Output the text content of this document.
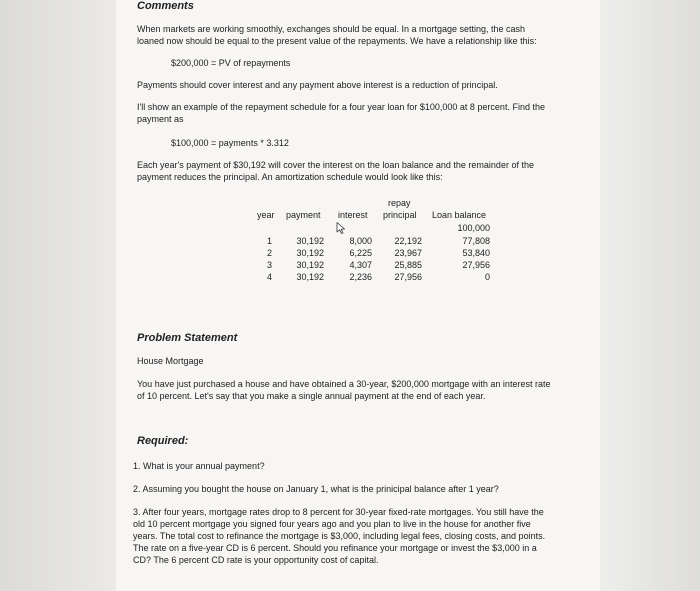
Comments
When markets are working smoothly, exchanges should be equal. In a mortgage setting, the cash
loaned now should be equal to the present value of the repayments. We have a relationship like this:
$200,000 = PV of repayments
Payments should cover interest and any payment above interest is a reduction of principal.
I'll show an example of the repayment schedule for a four year loan for $100,000 at 8 percent. Find the
payment as
$100,000 = payments * 3.312
Each year's payment of $30,192 will cover the interest on the loan balance and the remainder of the
payment reduces the principal. An amortization schedule would look like this:
repay
year payment interest principal Loan balance
100,000
1
2
3
4
30,192
30,192
30,192
30,192
8,000
6,225
4,307
2,236
22,192
23,967
25,885
27,956
77,808
53,840
27,956
0
Problem Statement
House Mortgage
You have just purchased a house and have obtained a 30-year, $200,000 mortgage with an interest rate
of 10 percent. Let's say that you make a single annual payment at the end of each year.
Required:
1. What is your annual payment?
2. Assuming you bought the house on January 1, what is the prinicipal balance after 1 year?
3. After four years, mortgage rates drop to 8 percent for 30-year fixed-rate mortgages. You still have the
old 10 percent mortgage you signed four years ago and you plan to live in the house for another five
years. The total cost to refinance the mortgage is $3,000, including legal fees, closing costs, and points.
The rate on a five-year CD is 6 percent. Should you refinance your mortgage or invest the $3,000 in a
CD? The 6 percent CD rate is your opportunity cost of capital.
